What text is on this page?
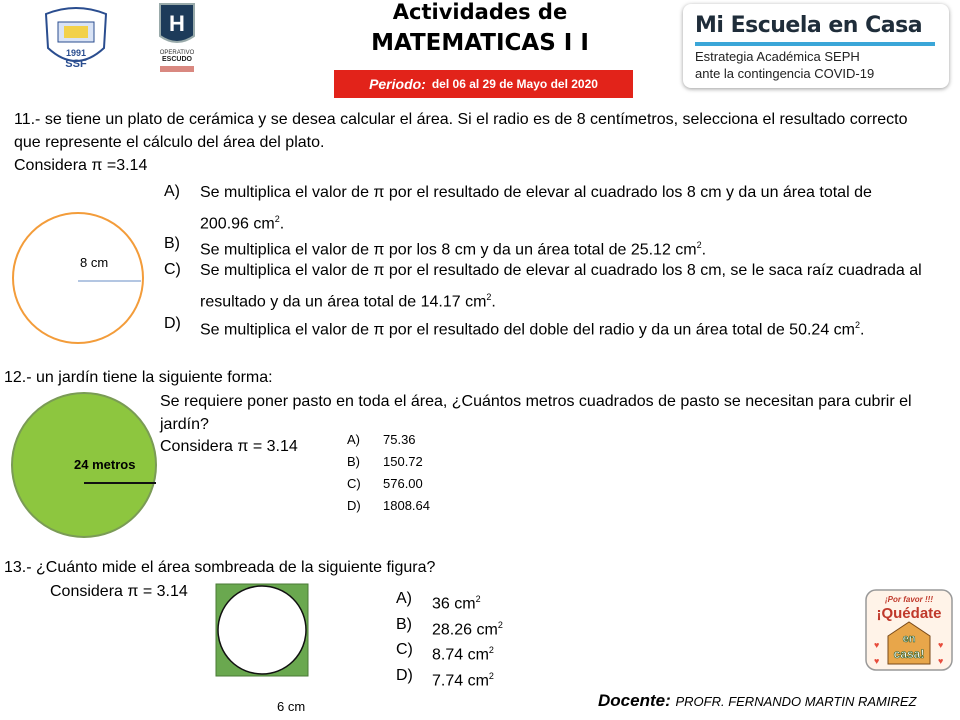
1991
SSF
H
OPERATIVO
ESCUDO
Actividades de
MATEMATICAS I I
Periodo: del 06 al 29 de Mayo del 2020
Mi Escuela en Casa
Estrategia Académica SEPH
ante la contingencia COVID-19
11.- se tiene un plato de cerámica y se desea calcular el área. Si el radio es de 8 centímetros, selecciona el resultado correcto que represente el cálculo del área del plato.
Considera π =3.14
8 cm
A) Se multiplica el valor de π por el resultado de elevar al cuadrado los 8 cm y da un área total de 200.96 $cm^2$.
B) Se multiplica el valor de π por los 8 cm y da un área total de 25.12 $cm^2$.
C) Se multiplica el valor de π por el resultado de elevar al cuadrado los 8 cm, se le saca raíz cuadrada al resultado y da un área total de 14.17 $cm^2$.
D) Se multiplica el valor de π por el resultado del doble del radio y da un área total de 50.24 $cm^2$.
12.- un jardín tiene la siguiente forma:
24 metros
Se requiere poner pasto en toda el área, ¿Cuántos metros cuadrados de pasto se necesitan para cubrir el jardín?
Considera π = 3.14	A) 75.36
B) 150.72
C) 576.00
D) 1808.64
13.- ¿Cuánto mide el área sombreada de la siguiente figura?
Considera π = 3.14
6 cm
A) 36 $cm^2$
B) 28.26 $cm^2$
C) 8.74 $cm^2$
D) 7.74 $cm^2$
¡Por favor !!!
¡Quédate
en
casa!
♥	♥
♥	♥
Docente: PROFR. FERNANDO MARTIN RAMIREZ
